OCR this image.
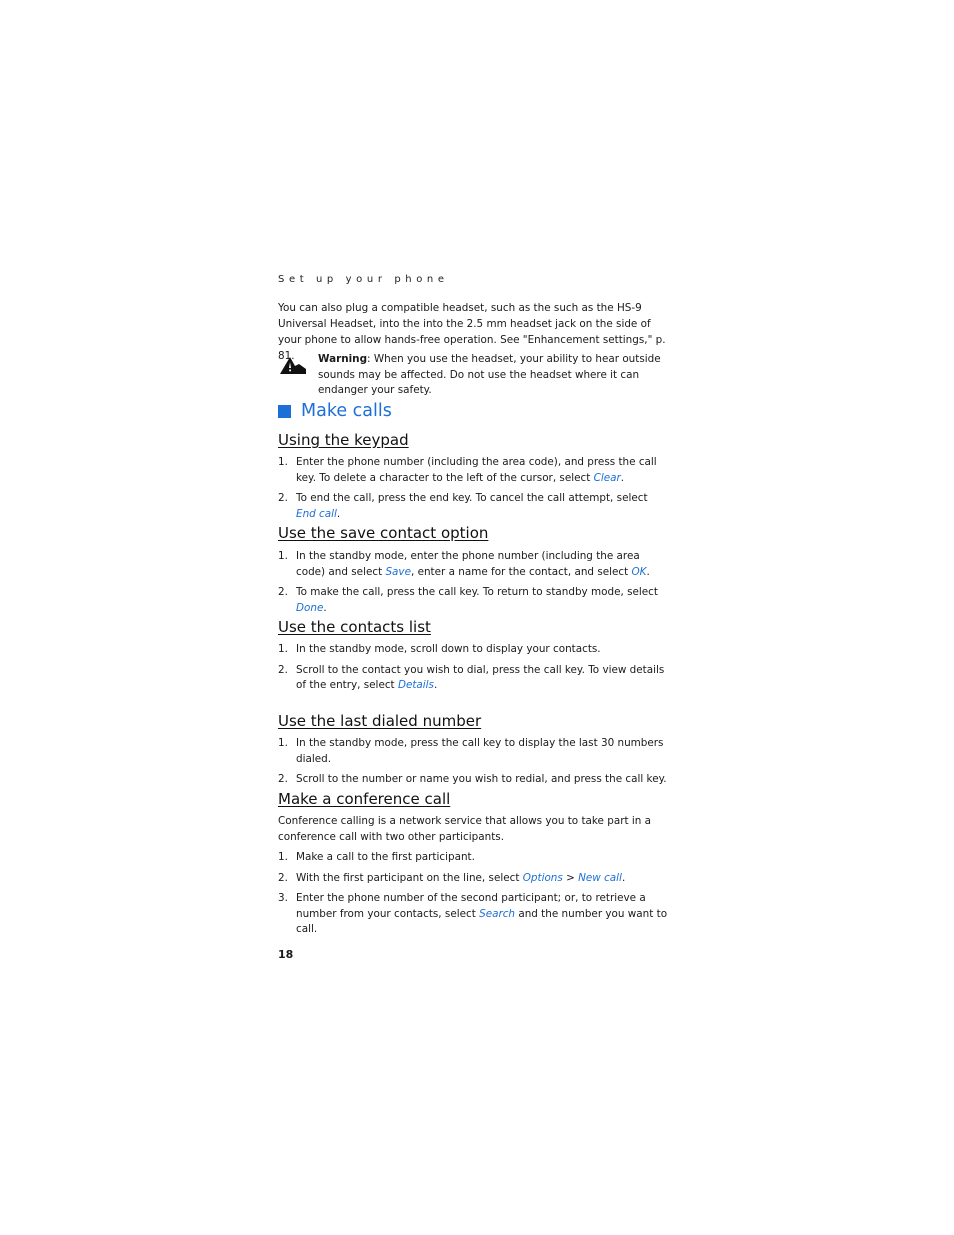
Set up your phone

You can also plug a compatible headset, such as the such as the HS-9 Universal Headset, into the into the 2.5 mm headset jack on the side of your phone to allow hands-free operation. See "Enhancement settings," p. 81.	Warning: When you use the headset, your ability to hear outside sounds may be affected. Do not use the headset where it can endanger your safety.

Make calls
Using the keypad
1. Enter the phone number (including the area code), and press the call key. To delete a character to the left of the cursor, select Clear.
2. To end the call, press the end key. To cancel the call attempt, select End call.
Use the save contact option
1. In the standby mode, enter the phone number (including the area code) and select Save, enter a name for the contact, and select OK.
2. To make the call, press the call key. To return to standby mode, select Done.
Use the contacts list
1. In the standby mode, scroll down to display your contacts.
2. Scroll to the contact you wish to dial, press the call key. To view details of the entry, select Details.
Use the last dialed number
1. In the standby mode, press the call key to display the last 30 numbers dialed.
2. Scroll to the number or name you wish to redial, and press the call key.
Make a conference call

Conference calling is a network service that allows you to take part in a conference call with two other participants.

1. Make a call to the first participant.
2. With the first participant on the line, select Options > New call.
3. Enter the phone number of the second participant; or, to retrieve a number from your contacts, select Search and the number you want to call.
18
